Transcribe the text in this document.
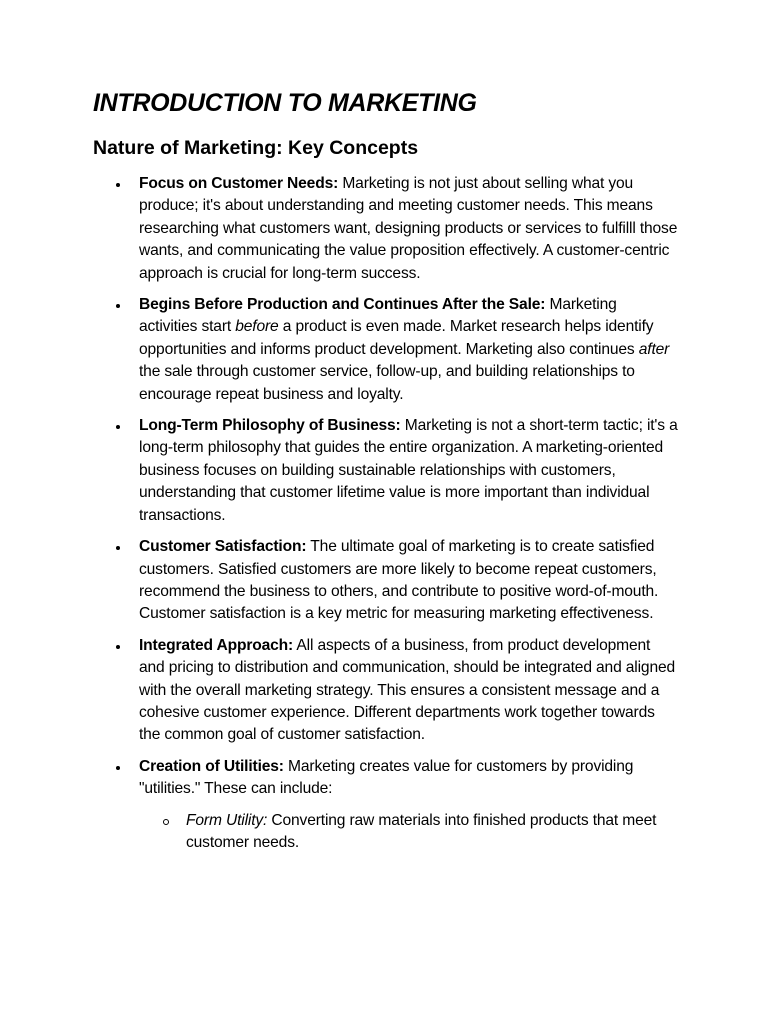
INTRODUCTION TO MARKETING
Nature of Marketing: Key Concepts
Focus on Customer Needs: Marketing is not just about selling what you produce; it's about understanding and meeting customer needs. This means researching what customers want, designing products or services to fulfilll those wants, and communicating the value proposition effectively. A customer-centric approach is crucial for long-term success.
Begins Before Production and Continues After the Sale: Marketing activities start before a product is even made. Market research helps identify opportunities and informs product development. Marketing also continues after the sale through customer service, follow-up, and building relationships to encourage repeat business and loyalty.
Long-Term Philosophy of Business: Marketing is not a short-term tactic; it's a long-term philosophy that guides the entire organization. A marketing-oriented business focuses on building sustainable relationships with customers, understanding that customer lifetime value is more important than individual transactions.
Customer Satisfaction: The ultimate goal of marketing is to create satisfied customers. Satisfied customers are more likely to become repeat customers, recommend the business to others, and contribute to positive word-of-mouth. Customer satisfaction is a key metric for measuring marketing effectiveness.
Integrated Approach: All aspects of a business, from product development and pricing to distribution and communication, should be integrated and aligned with the overall marketing strategy. This ensures a consistent message and a cohesive customer experience. Different departments work together towards the common goal of customer satisfaction.
Creation of Utilities: Marketing creates value for customers by providing "utilities." These can include:
Form Utility: Converting raw materials into finished products that meet customer needs.
